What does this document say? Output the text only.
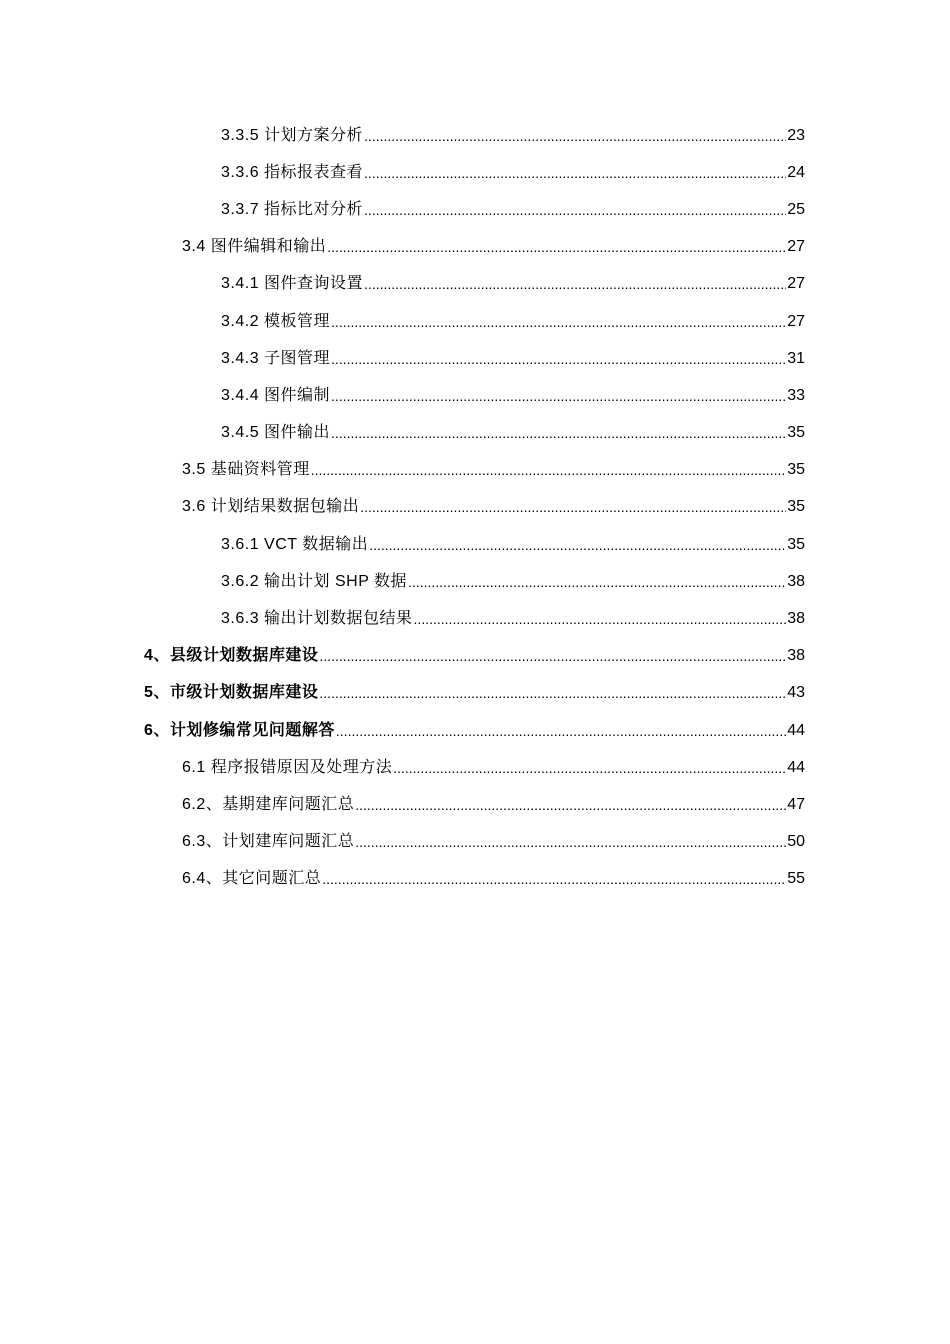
3.3.5 计划方案分析 .....	23
3.3.6 指标报表查看 .....	24
3.3.7 指标比对分析 .....	25
3.4 图件编辑和输出 .....	27
3.4.1 图件查询设置 .....	27
3.4.2 模板管理 .....	27
3.4.3 子图管理 .....	31
3.4.4 图件编制 .....	33
3.4.5 图件输出 .....	35
3.5 基础资料管理 .....	35
3.6 计划结果数据包输出 .....	35
3.6.1 VCT 数据输出 .....	35
3.6.2 输出计划 SHP 数据 .....	38
3.6.3 输出计划数据包结果 .....	38
4、县级计划数据库建设 .....	38
5、市级计划数据库建设 .....	43
6、计划修编常见问题解答 .....	44
6.1 程序报错原因及处理方法 .....	44
6.2、基期建库问题汇总 .....	47
6.3、计划建库问题汇总 .....	50
6.4、其它问题汇总 .....	55
